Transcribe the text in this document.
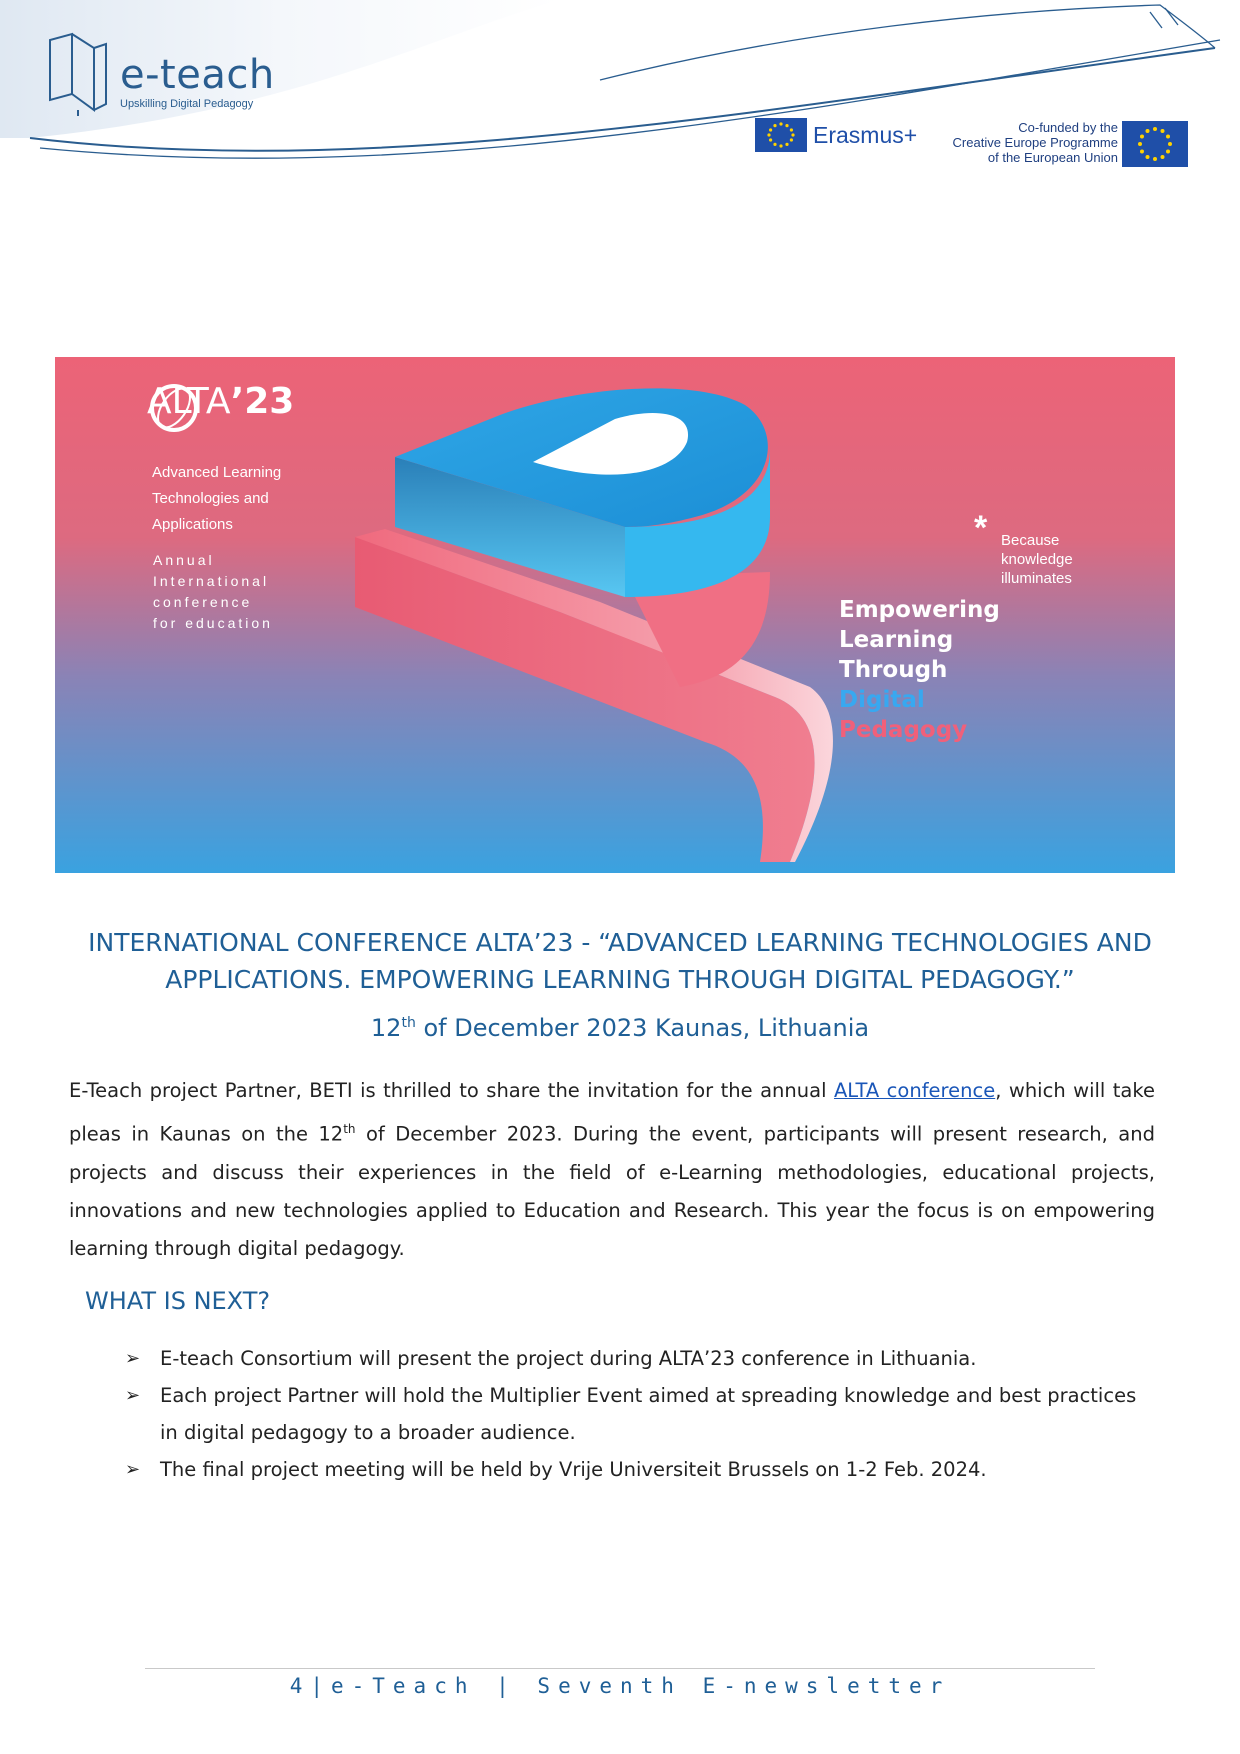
e-teach
Upskilling Digital Pedagogy
Erasmus+	Co-funded by the
Creative Europe Programme
of the European Union
ALTA’23
Advanced Learning
Technologies and
Applications
Annual
International
conference
for education
* Because
knowledge
illuminates
Empowering
Learning
Through
Digital
Pedagogy
INTERNATIONAL CONFERENCE ALTA’23 - “ADVANCED LEARNING TECHNOLOGIES AND
APPLICATIONS. EMPOWERING LEARNING THROUGH DIGITAL PEDAGOGY.”
12th of December 2023 Kaunas, Lithuania
E-Teach project Partner, BETI is thrilled to share the invitation for the annual ALTA conference, which will take pleas in Kaunas on the 12th of December 2023. During the event, participants will present research, and projects and discuss their experiences in the field of e-Learning methodologies, educational projects, innovations and new technologies applied to Education and Research. This year the focus is on empowering learning through digital pedagogy.
WHAT IS NEXT?
➢ E-teach Consortium will present the project during ALTA’23 conference in Lithuania.
➢ Each project Partner will hold the Multiplier Event aimed at spreading knowledge and best practices in digital pedagogy to a broader audience.
➢ The final project meeting will be held by Vrije Universiteit Brussels on 1-2 Feb. 2024.
4|e-Teach | Seventh E-newsletter
